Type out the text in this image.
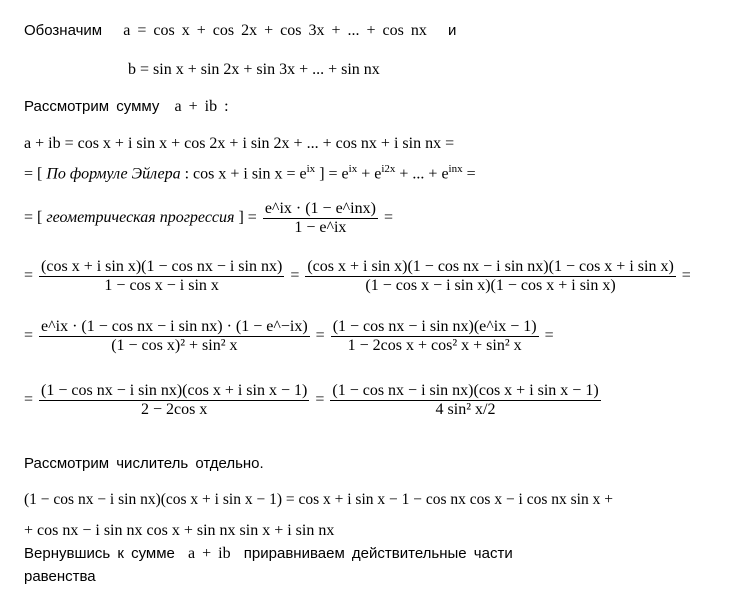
Обозначим a = cos x + cos 2x + cos 3x + ... + cos nx и
b = sin x + sin 2x + sin 3x + ... + sin nx
Рассмотрим сумму a + ib :
a + ib = cos x + i sin x + cos 2x + i sin 2x + ... + cos nx + i sin nx =
= [ По формуле Эйлера : cos x + i $\sin x = e^{ix}$ ] = $e^{ix} + e^{i2x}$ + ... + $e^{inx}$ =
= [ геометрическая прогрессия ] = $\frac{\text{e\textasciicircum{}ix · (1 − e\textasciicircum{}inx)}}{1 - e\^{}ix}$ =
= $\frac{\text{(cos x + i sin x)(1 − cos nx − i sin nx)}}{\text{1 − cos x − i sin x}}$ =
(cos x + i sin x)(1 − cos nx − i sin nx)(1 − cos x + i sin x)
(1 − cos x − i sin x)(1 − cos x + i sin x)
=
= $\frac{\text{e\textasciicircum{}ix · (1 − cos nx − i sin nx) · (1 − e\textasciicircum{}−ix)}}{\text{(1 − cos x)² + sin² x}} = \frac{\text{(1 − cos nx − i sin nx)(e\textasciicircum{}ix − 1)}}{\text{1 − 2cos x + cos² x + sin² x}}$ =
= $\frac{\text{(1 − cos nx − i sin nx)(cos x + i sin x − 1)}}{\text{2 − 2cos x}} = \frac{\text{(1 − cos nx − i sin nx)(cos x + i sin x − 1)}}{\text{4 sin² x/2}}$
Рассмотрим числитель отдельно.
(1 − cos nx − i sin nx)(cos x + i sin x − 1) = cos x + i sin x − 1 − cos nx cos x − i cos nx sin x +
+ cos nx − i sin nx cos x + sin nx sin x + i sin nx
Вернувшись к сумме a + ib приравниваем действительные части
равенства
